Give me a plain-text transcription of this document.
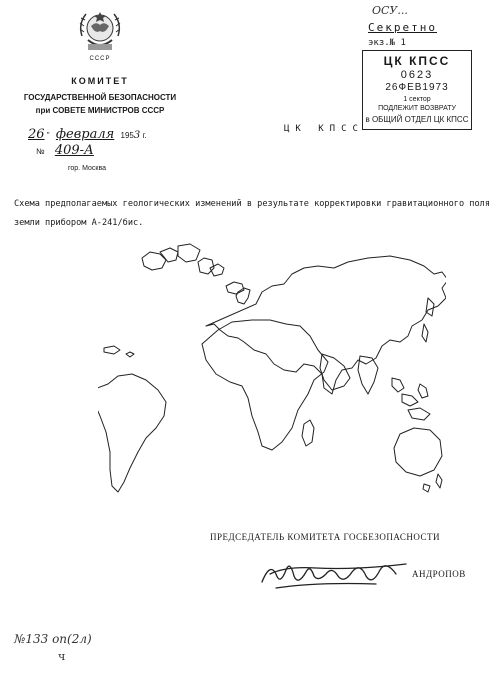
СССР
КОМИТЕТ
ГОСУДАРСТВЕННОЙ БЕЗОПАСНОСТИ
при СОВЕТЕ МИНИСТРОВ СССР
26 " февраля 1953 г.
№ 409-А
гор. Москва
ЦК КПСС
ОСУ...
Секретно
экз.№ 1
ЦК КПСС
0623
26ФЕВ1973
1 сектор
ПОДЛЕЖИТ ВОЗВРАТУ
в ОБЩИЙ ОТДЕЛ ЦК КПСС
Схема предполагаемых геологических изменений в результате корректировки гравитационного поля земли прибором А-241/бис.
ПРЕДСЕДАТЕЛЬ КОМИТЕТА ГОСБЕЗОПАСНОСТИ
АНДРОПОВ
№133 оп(2л)
ч
